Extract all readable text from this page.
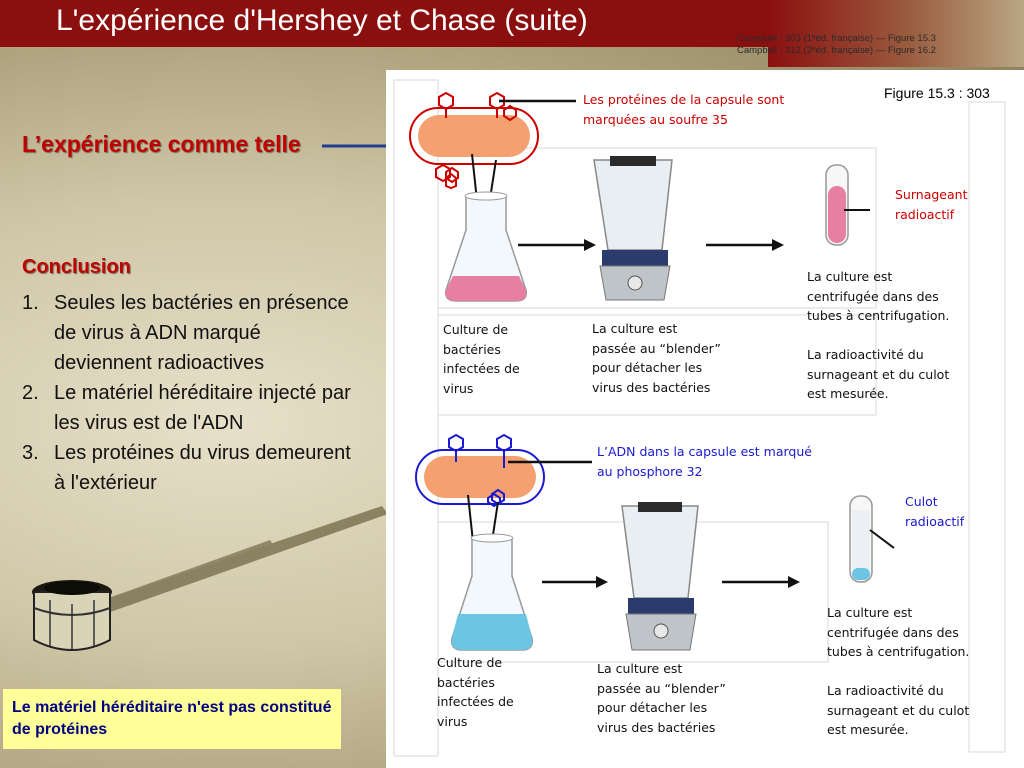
L'expérience d'Hershey et Chase (suite)
Campbell : 303 (1ᵉéd. française) — Figure 15.3
Campbell : 312 (2ᵉéd. française) — Figure 16.2
L’expérience comme telle
Conclusion
1. Seules les bactéries en présence de virus à ADN marqué deviennent radioactives
2. Le matériel héréditaire injecté par les virus est de l'ADN
3. Les protéines du virus demeurent à l'extérieur
Le matériel héréditaire n'est pas constitué de protéines
Figure 15.3 : 303
Les protéines de la capsule sont
marquées au soufre 35
Surnageant
radioactif
Culture de
bactéries
infectées de
virus
La culture est
passée au “blender”
pour détacher les
virus des bactéries
La culture est
centrifugée dans des
tubes à centrifugation.
La radioactivité du
surnageant et du culot
est mesurée.
L’ADN dans la capsule est marqué
au phosphore 32
Culot
radioactif
Culture de
bactéries
infectées de
virus
La culture est
passée au “blender”
pour détacher les
virus des bactéries
La culture est
centrifugée dans des
tubes à centrifugation.
La radioactivité du
surnageant et du culot
est mesurée.
